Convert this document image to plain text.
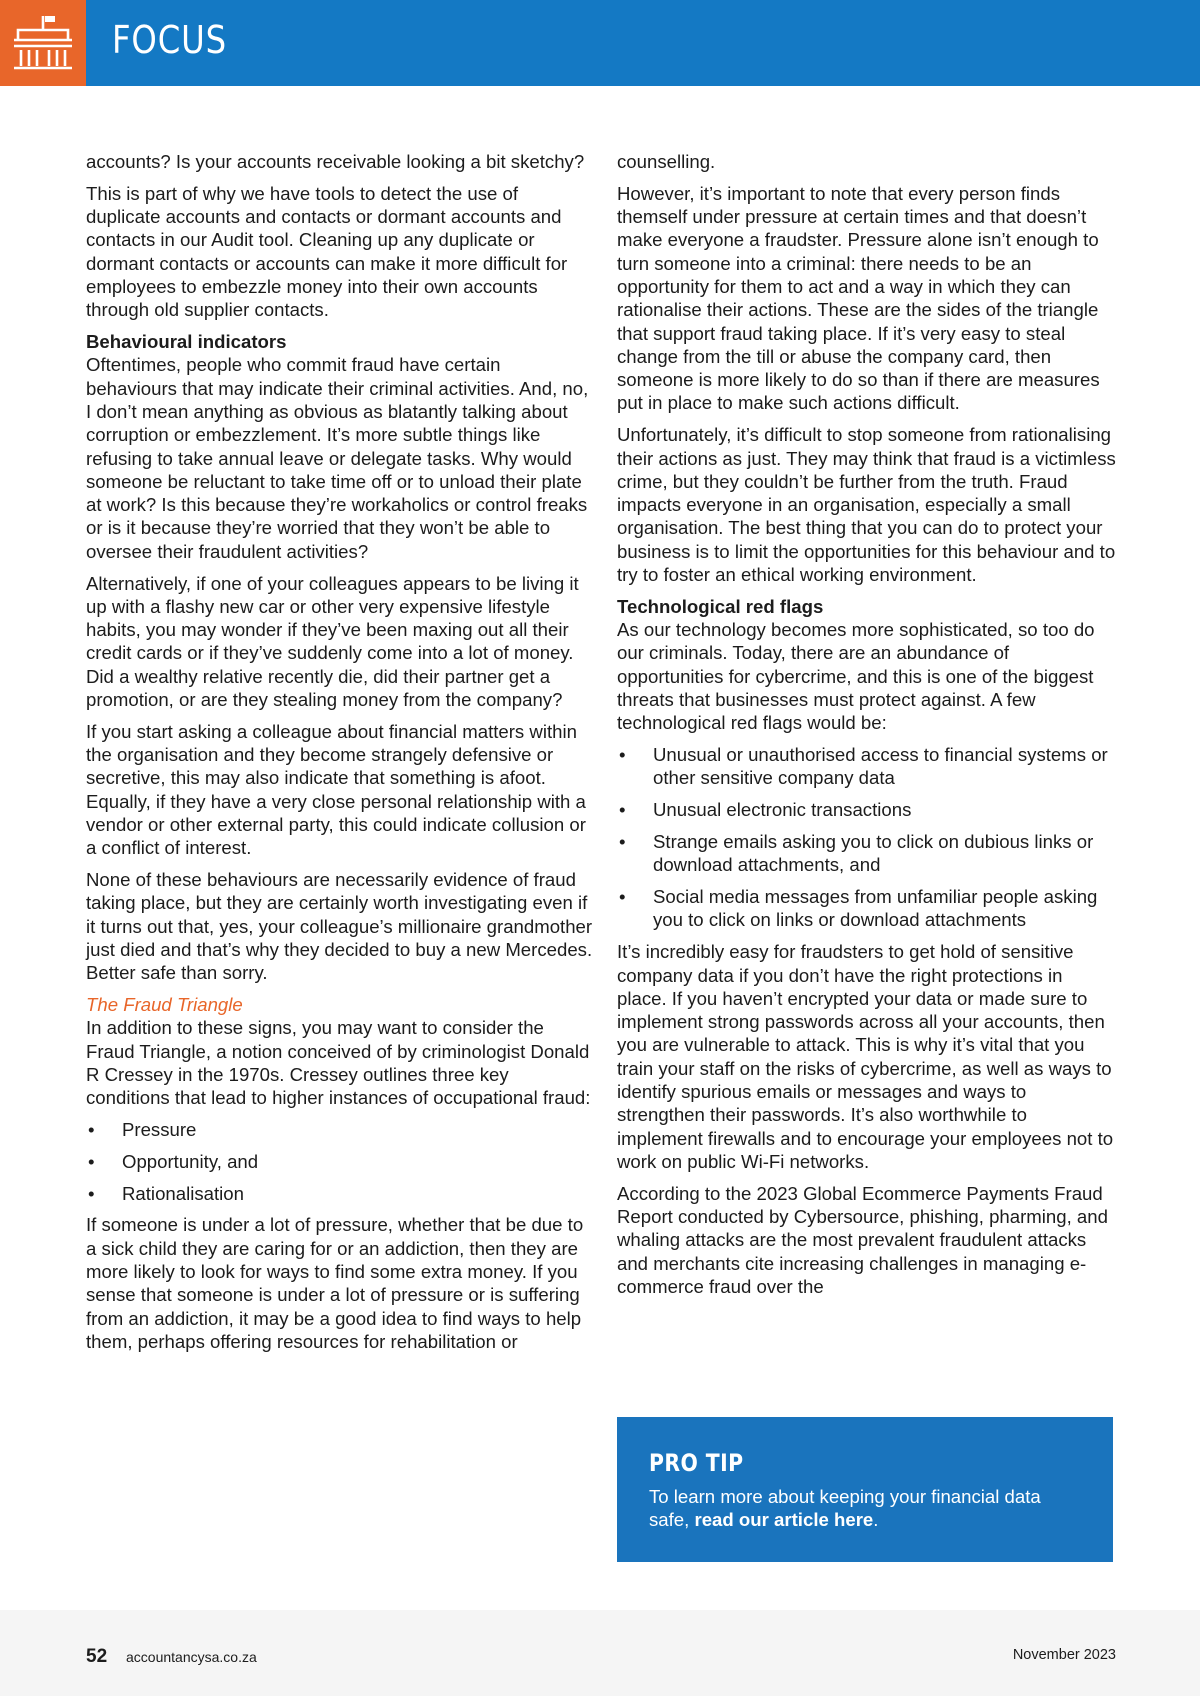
FOCUS

accounts? Is your accounts receivable looking a bit sketchy?

This is part of why we have tools to detect the use of duplicate accounts and contacts or dormant accounts and contacts in our Audit tool. Cleaning up any duplicate or dormant contacts or accounts can make it more difficult for employees to embezzle money into their own accounts through old supplier contacts.

Behavioural indicators

Oftentimes, people who commit fraud have certain behaviours that may indicate their criminal activities. And, no, I don’t mean anything as obvious as blatantly talking about corruption or embezzlement. It’s more subtle things like refusing to take annual leave or delegate tasks. Why would someone be reluctant to take time off or to unload their plate at work? Is this because they’re workaholics or control freaks or is it because they’re worried that they won’t be able to oversee their fraudulent activities?

Alternatively, if one of your colleagues appears to be living it up with a flashy new car or other very expensive lifestyle habits, you may wonder if they’ve been maxing out all their credit cards or if they’ve suddenly come into a lot of money. Did a wealthy relative recently die, did their partner get a promotion, or are they stealing money from the company?

If you start asking a colleague about financial matters within the organisation and they become strangely defensive or secretive, this may also indicate that something is afoot. Equally, if they have a very close personal relationship with a vendor or other external party, this could indicate collusion or a conflict of interest.

None of these behaviours are necessarily evidence of fraud taking place, but they are certainly worth investigating even if it turns out that, yes, your colleague’s millionaire grandmother just died and that’s why they decided to buy a new Mercedes. Better safe than sorry.

The Fraud Triangle

In addition to these signs, you may want to consider the Fraud Triangle, a notion conceived of by criminologist Donald R Cressey in the 1970s. Cressey outlines three key conditions that lead to higher instances of occupational fraud:

• Pressure
• Opportunity, and
• Rationalisation

If someone is under a lot of pressure, whether that be due to a sick child they are caring for or an addiction, then they are more likely to look for ways to find some extra money. If you sense that someone is under a lot of pressure or is suffering from an addiction, it may be a good idea to find ways to help them, perhaps offering resources for rehabilitation or

counselling.

However, it’s important to note that every person finds themself under pressure at certain times and that doesn’t make everyone a fraudster. Pressure alone isn’t enough to turn someone into a criminal: there needs to be an opportunity for them to act and a way in which they can rationalise their actions. These are the sides of the triangle that support fraud taking place. If it’s very easy to steal change from the till or abuse the company card, then someone is more likely to do so than if there are measures put in place to make such actions difficult.

Unfortunately, it’s difficult to stop someone from rationalising their actions as just. They may think that fraud is a victimless crime, but they couldn’t be further from the truth. Fraud impacts everyone in an organisation, especially a small organisation. The best thing that you can do to protect your business is to limit the opportunities for this behaviour and to try to foster an ethical working environment.

Technological red flags

As our technology becomes more sophisticated, so too do our criminals. Today, there are an abundance of opportunities for cybercrime, and this is one of the biggest threats that businesses must protect against. A few technological red flags would be:

• Unusual or unauthorised access to financial systems or other sensitive company data
• Unusual electronic transactions
• Strange emails asking you to click on dubious links or download attachments, and
• Social media messages from unfamiliar people asking you to click on links or download attachments

It’s incredibly easy for fraudsters to get hold of sensitive company data if you don’t have the right protections in place. If you haven’t encrypted your data or made sure to implement strong passwords across all your accounts, then you are vulnerable to attack. This is why it’s vital that you train your staff on the risks of cybercrime, as well as ways to identify spurious emails or messages and ways to strengthen their passwords. It’s also worthwhile to implement firewalls and to encourage your employees not to work on public Wi-Fi networks.

According to the 2023 Global Ecommerce Payments Fraud Report conducted by Cybersource, phishing, pharming, and whaling attacks are the most prevalent fraudulent attacks and merchants cite increasing challenges in managing e-commerce fraud over the

PRO TIP
To learn more about keeping your financial data safe, read our article here.
52 accountancysa.co.za	November 2023
